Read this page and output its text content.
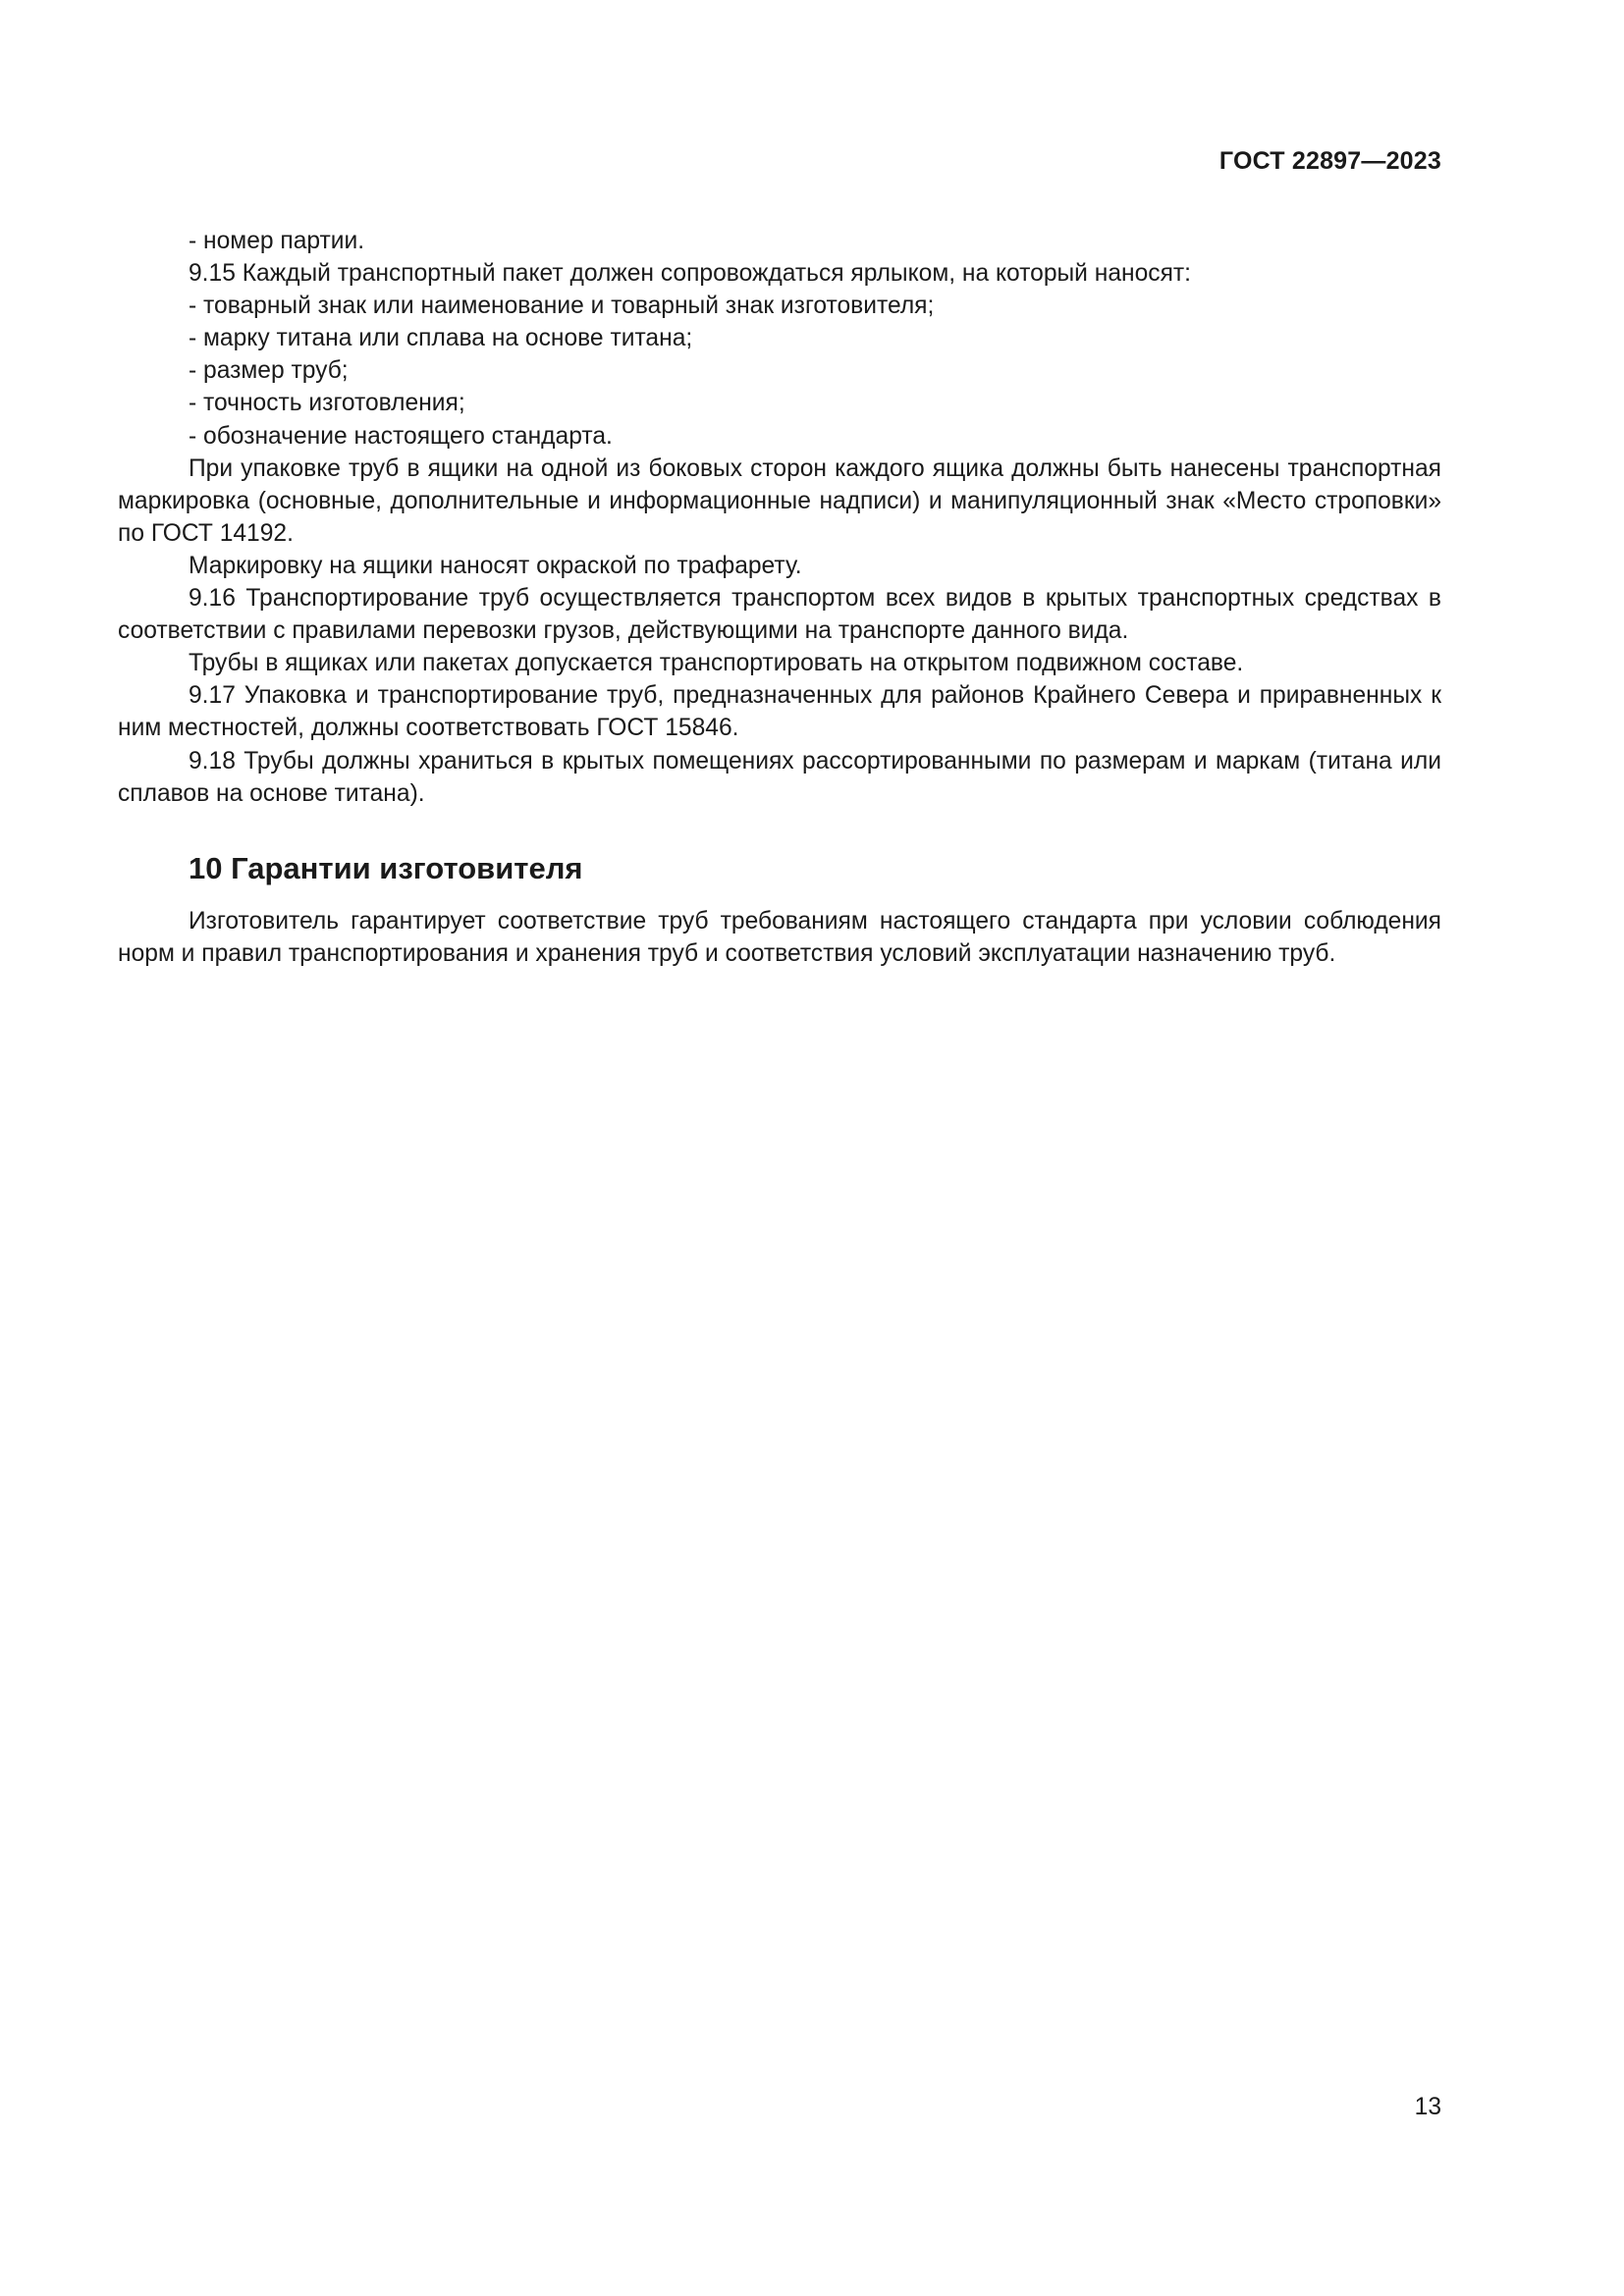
ГОСТ 22897—2023

- номер партии.

9.15 Каждый транспортный пакет должен сопровождаться ярлыком, на который наносят:

- товарный знак или наименование и товарный знак изготовителя;

- марку титана или сплава на основе титана;

- размер труб;

- точность изготовления;

- обозначение настоящего стандарта.

При упаковке труб в ящики на одной из боковых сторон каждого ящика должны быть нанесены транспортная маркировка (основные, дополнительные и информационные надписи) и манипуляционный знак «Место строповки» по ГОСТ 14192.

Маркировку на ящики наносят окраской по трафарету.

9.16 Транспортирование труб осуществляется транспортом всех видов в крытых транспортных средствах в соответствии с правилами перевозки грузов, действующими на транспорте данного вида.

Трубы в ящиках или пакетах допускается транспортировать на открытом подвижном составе.

9.17 Упаковка и транспортирование труб, предназначенных для районов Крайнего Севера и приравненных к ним местностей, должны соответствовать ГОСТ 15846.

9.18 Трубы должны храниться в крытых помещениях рассортированными по размерам и маркам (титана или сплавов на основе титана).

10 Гарантии изготовителя

Изготовитель гарантирует соответствие труб требованиям настоящего стандарта при условии соблюдения норм и правил транспортирования и хранения труб и соответствия условий эксплуатации назначению труб.

13
